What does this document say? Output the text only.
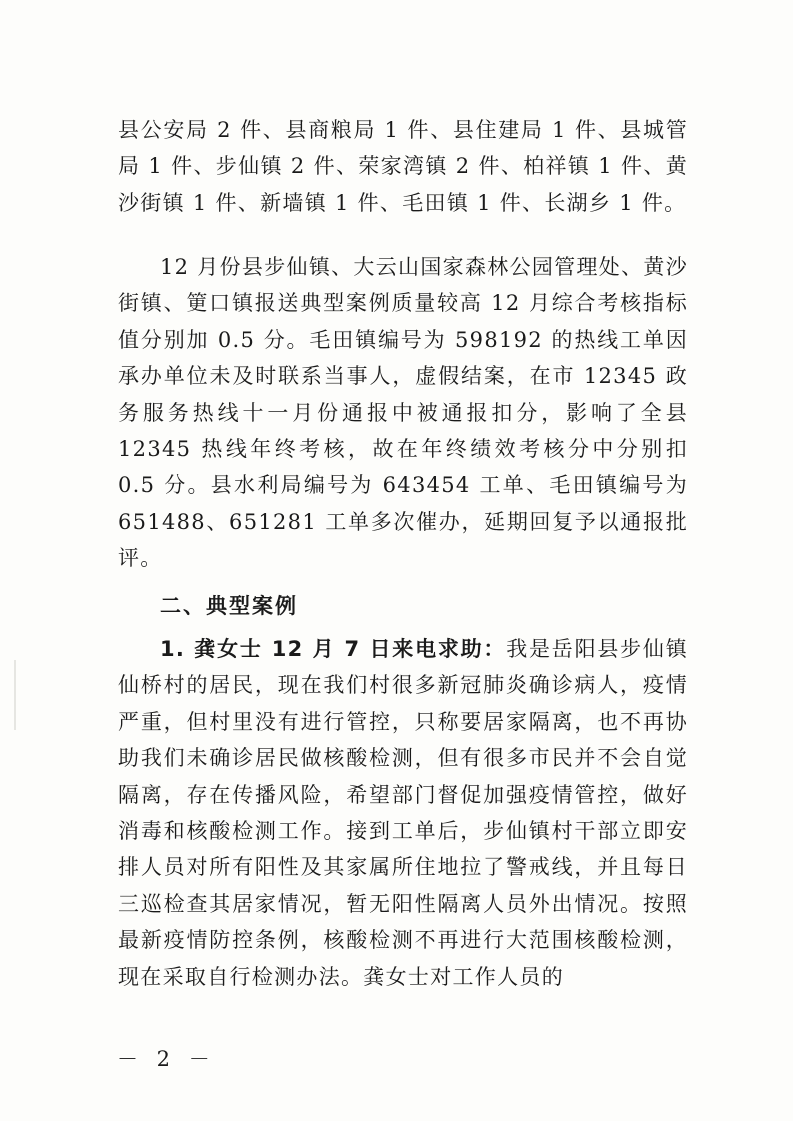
县公安局 2 件、县商粮局 1 件、县住建局 1 件、县城管局 1 件、步仙镇 2 件、荣家湾镇 2 件、柏祥镇 1 件、黄沙街镇 1 件、新墙镇 1 件、毛田镇 1 件、长湖乡 1 件。

12 月份县步仙镇、大云山国家森林公园管理处、黄沙街镇、筻口镇报送典型案例质量较高 12 月综合考核指标值分别加 0.5 分。毛田镇编号为 598192 的热线工单因承办单位未及时联系当事人，虚假结案，在市 12345 政务服务热线十一月份通报中被通报扣分，影响了全县 12345 热线年终考核，故在年终绩效考核分中分别扣 0.5 分。县水利局编号为 643454 工单、毛田镇编号为 651488、651281 工单多次催办，延期回复予以通报批评。

二、典型案例

1. 龚女士 12 月 7 日来电求助：我是岳阳县步仙镇仙桥村的居民，现在我们村很多新冠肺炎确诊病人，疫情严重，但村里没有进行管控，只称要居家隔离，也不再协助我们未确诊居民做核酸检测，但有很多市民并不会自觉隔离，存在传播风险，希望部门督促加强疫情管控，做好消毒和核酸检测工作。接到工单后，步仙镇村干部立即安排人员对所有阳性及其家属所住地拉了警戒线，并且每日三巡检查其居家情况，暂无阳性隔离人员外出情况。按照最新疫情防控条例，核酸检测不再进行大范围核酸检测，现在采取自行检测办法。龚女士对工作人员的

－ 2 －
